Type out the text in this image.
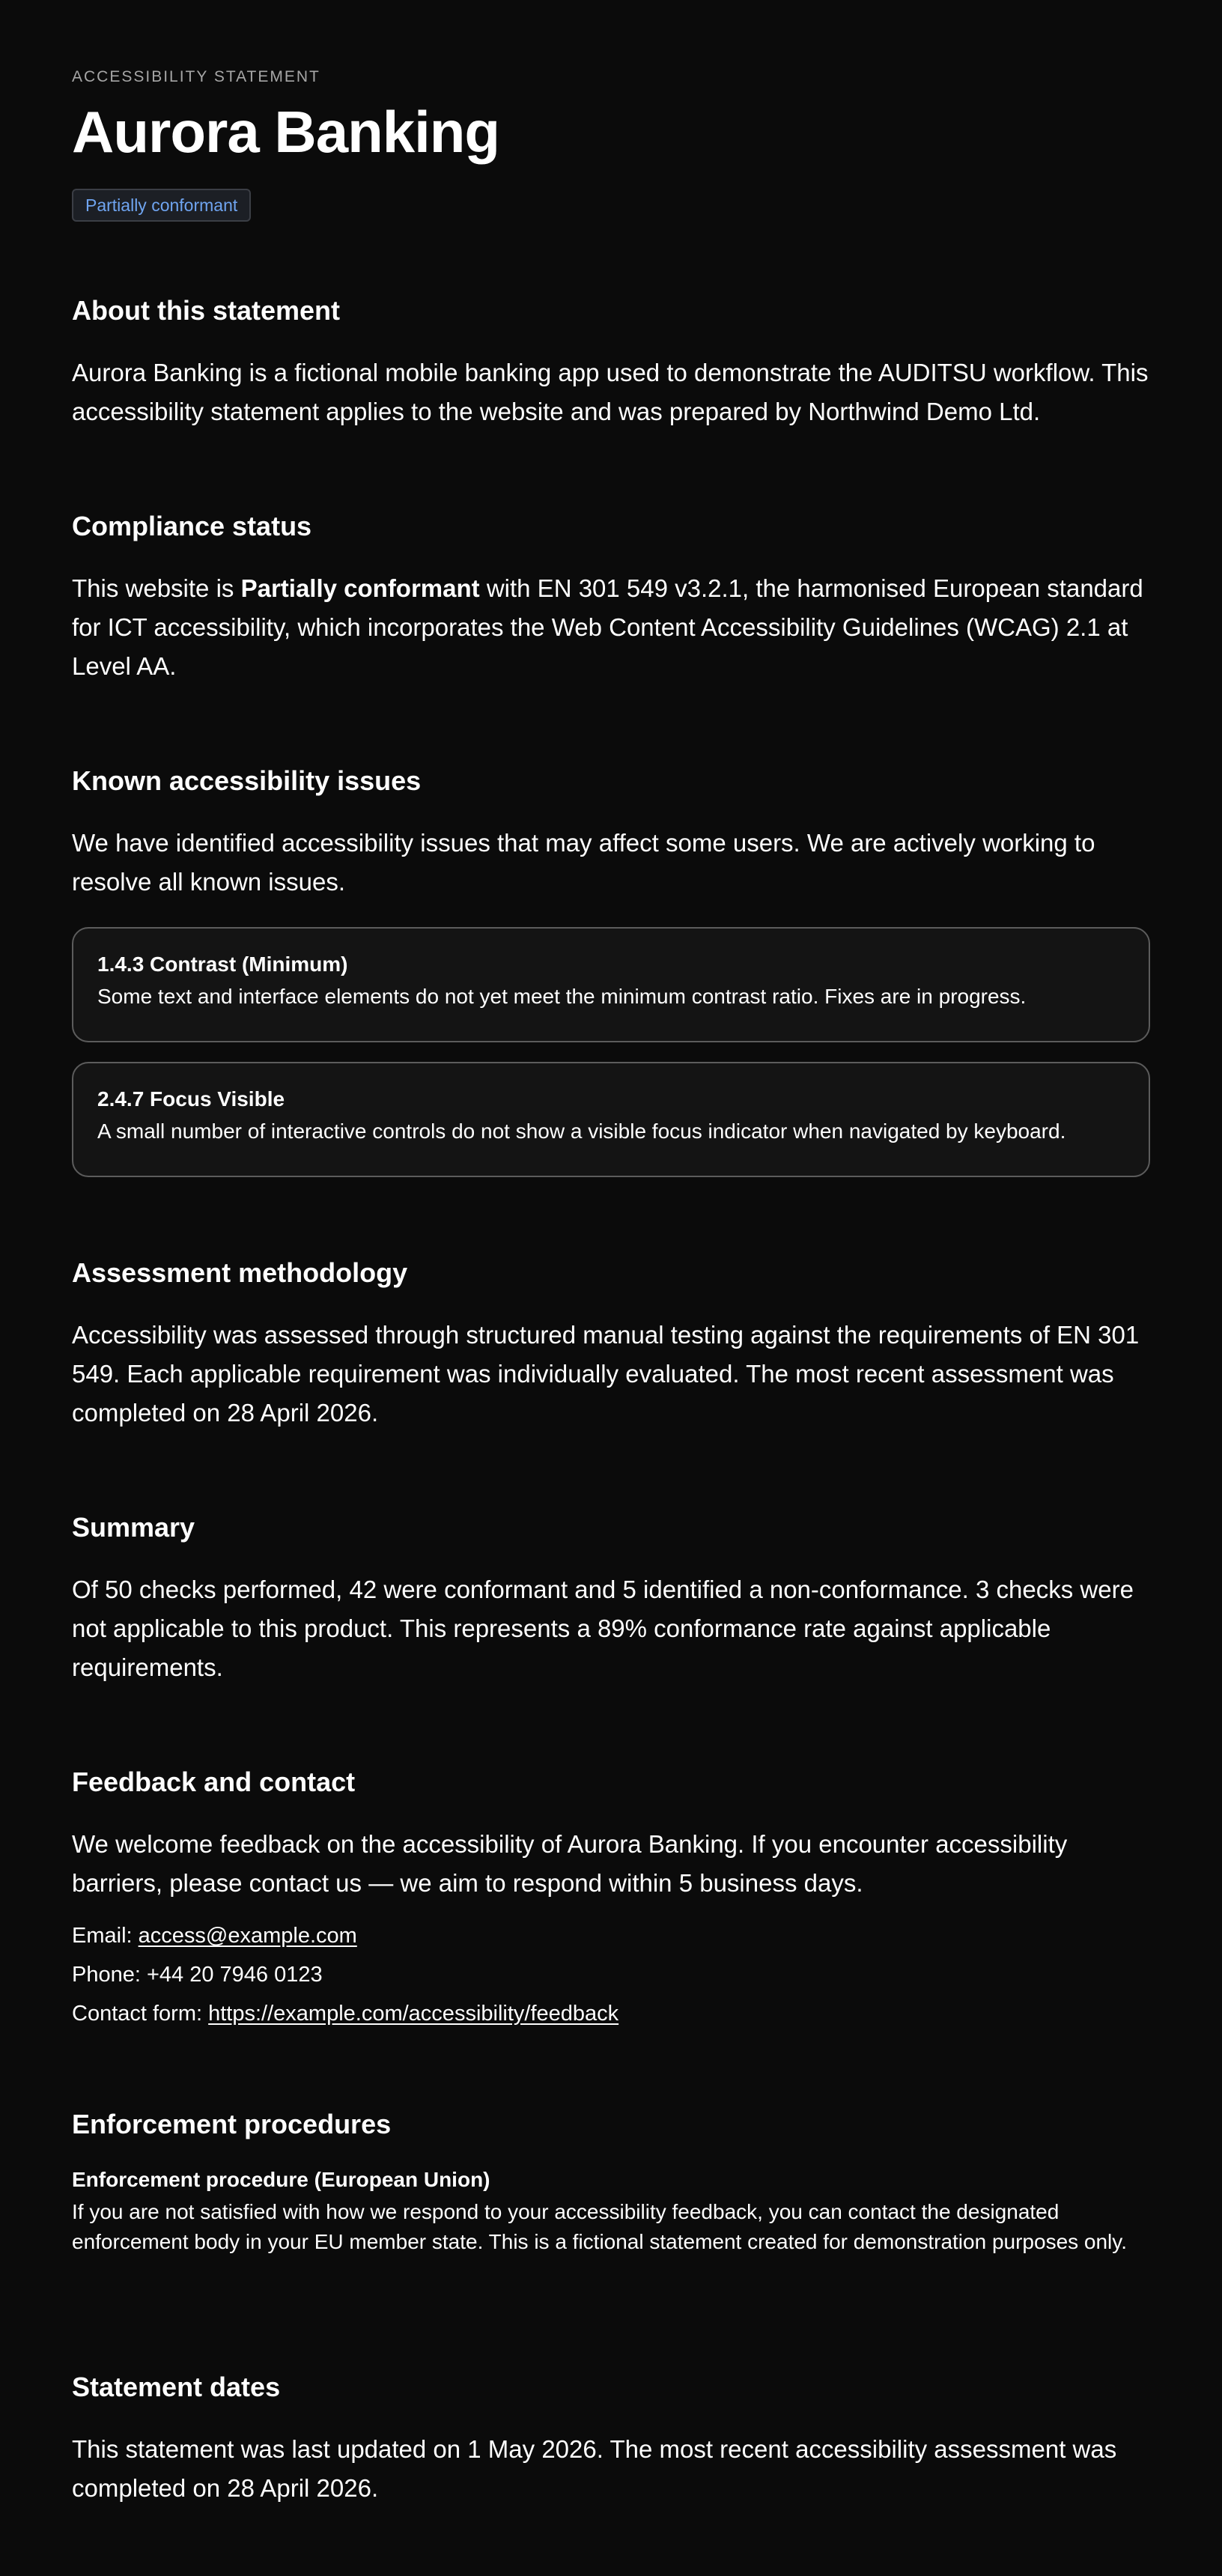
ACCESSIBILITY STATEMENT

Aurora Banking
Partially conformant
About this statement

Aurora Banking is a fictional mobile banking app used to demonstrate the AUDITSU workflow. This accessibility statement applies to the website and was prepared by Northwind Demo Ltd.

Compliance status

This website is Partially conformant with EN 301 549 v3.2.1, the harmonised European standard for ICT accessibility, which incorporates the Web Content Accessibility Guidelines (WCAG) 2.1 at Level AA.

Known accessibility issues

We have identified accessibility issues that may affect some users. We are actively working to resolve all known issues.

1.4.3 Contrast (Minimum)

Some text and interface elements do not yet meet the minimum contrast ratio. Fixes are in progress.

2.4.7 Focus Visible

A small number of interactive controls do not show a visible focus indicator when navigated by keyboard.

Assessment methodology

Accessibility was assessed through structured manual testing against the requirements of EN 301 549. Each applicable requirement was individually evaluated. The most recent assessment was completed on 28 April 2026.

Summary

Of 50 checks performed, 42 were conformant and 5 identified a non-conformance. 3 checks were not applicable to this product. This represents a 89% conformance rate against applicable requirements.

Feedback and contact

We welcome feedback on the accessibility of Aurora Banking. If you encounter accessibility barriers, please contact us — we aim to respond within 5 business days.

Email: access@example.com

Phone: +44 20 7946 0123

Contact form: https://example.com/accessibility/feedback

Enforcement procedures

Enforcement procedure (European Union)

If you are not satisfied with how we respond to your accessibility feedback, you can contact the designated enforcement body in your EU member state. This is a fictional statement created for demonstration purposes only.

Statement dates

This statement was last updated on 1 May 2026. The most recent accessibility assessment was completed on 28 April 2026.
